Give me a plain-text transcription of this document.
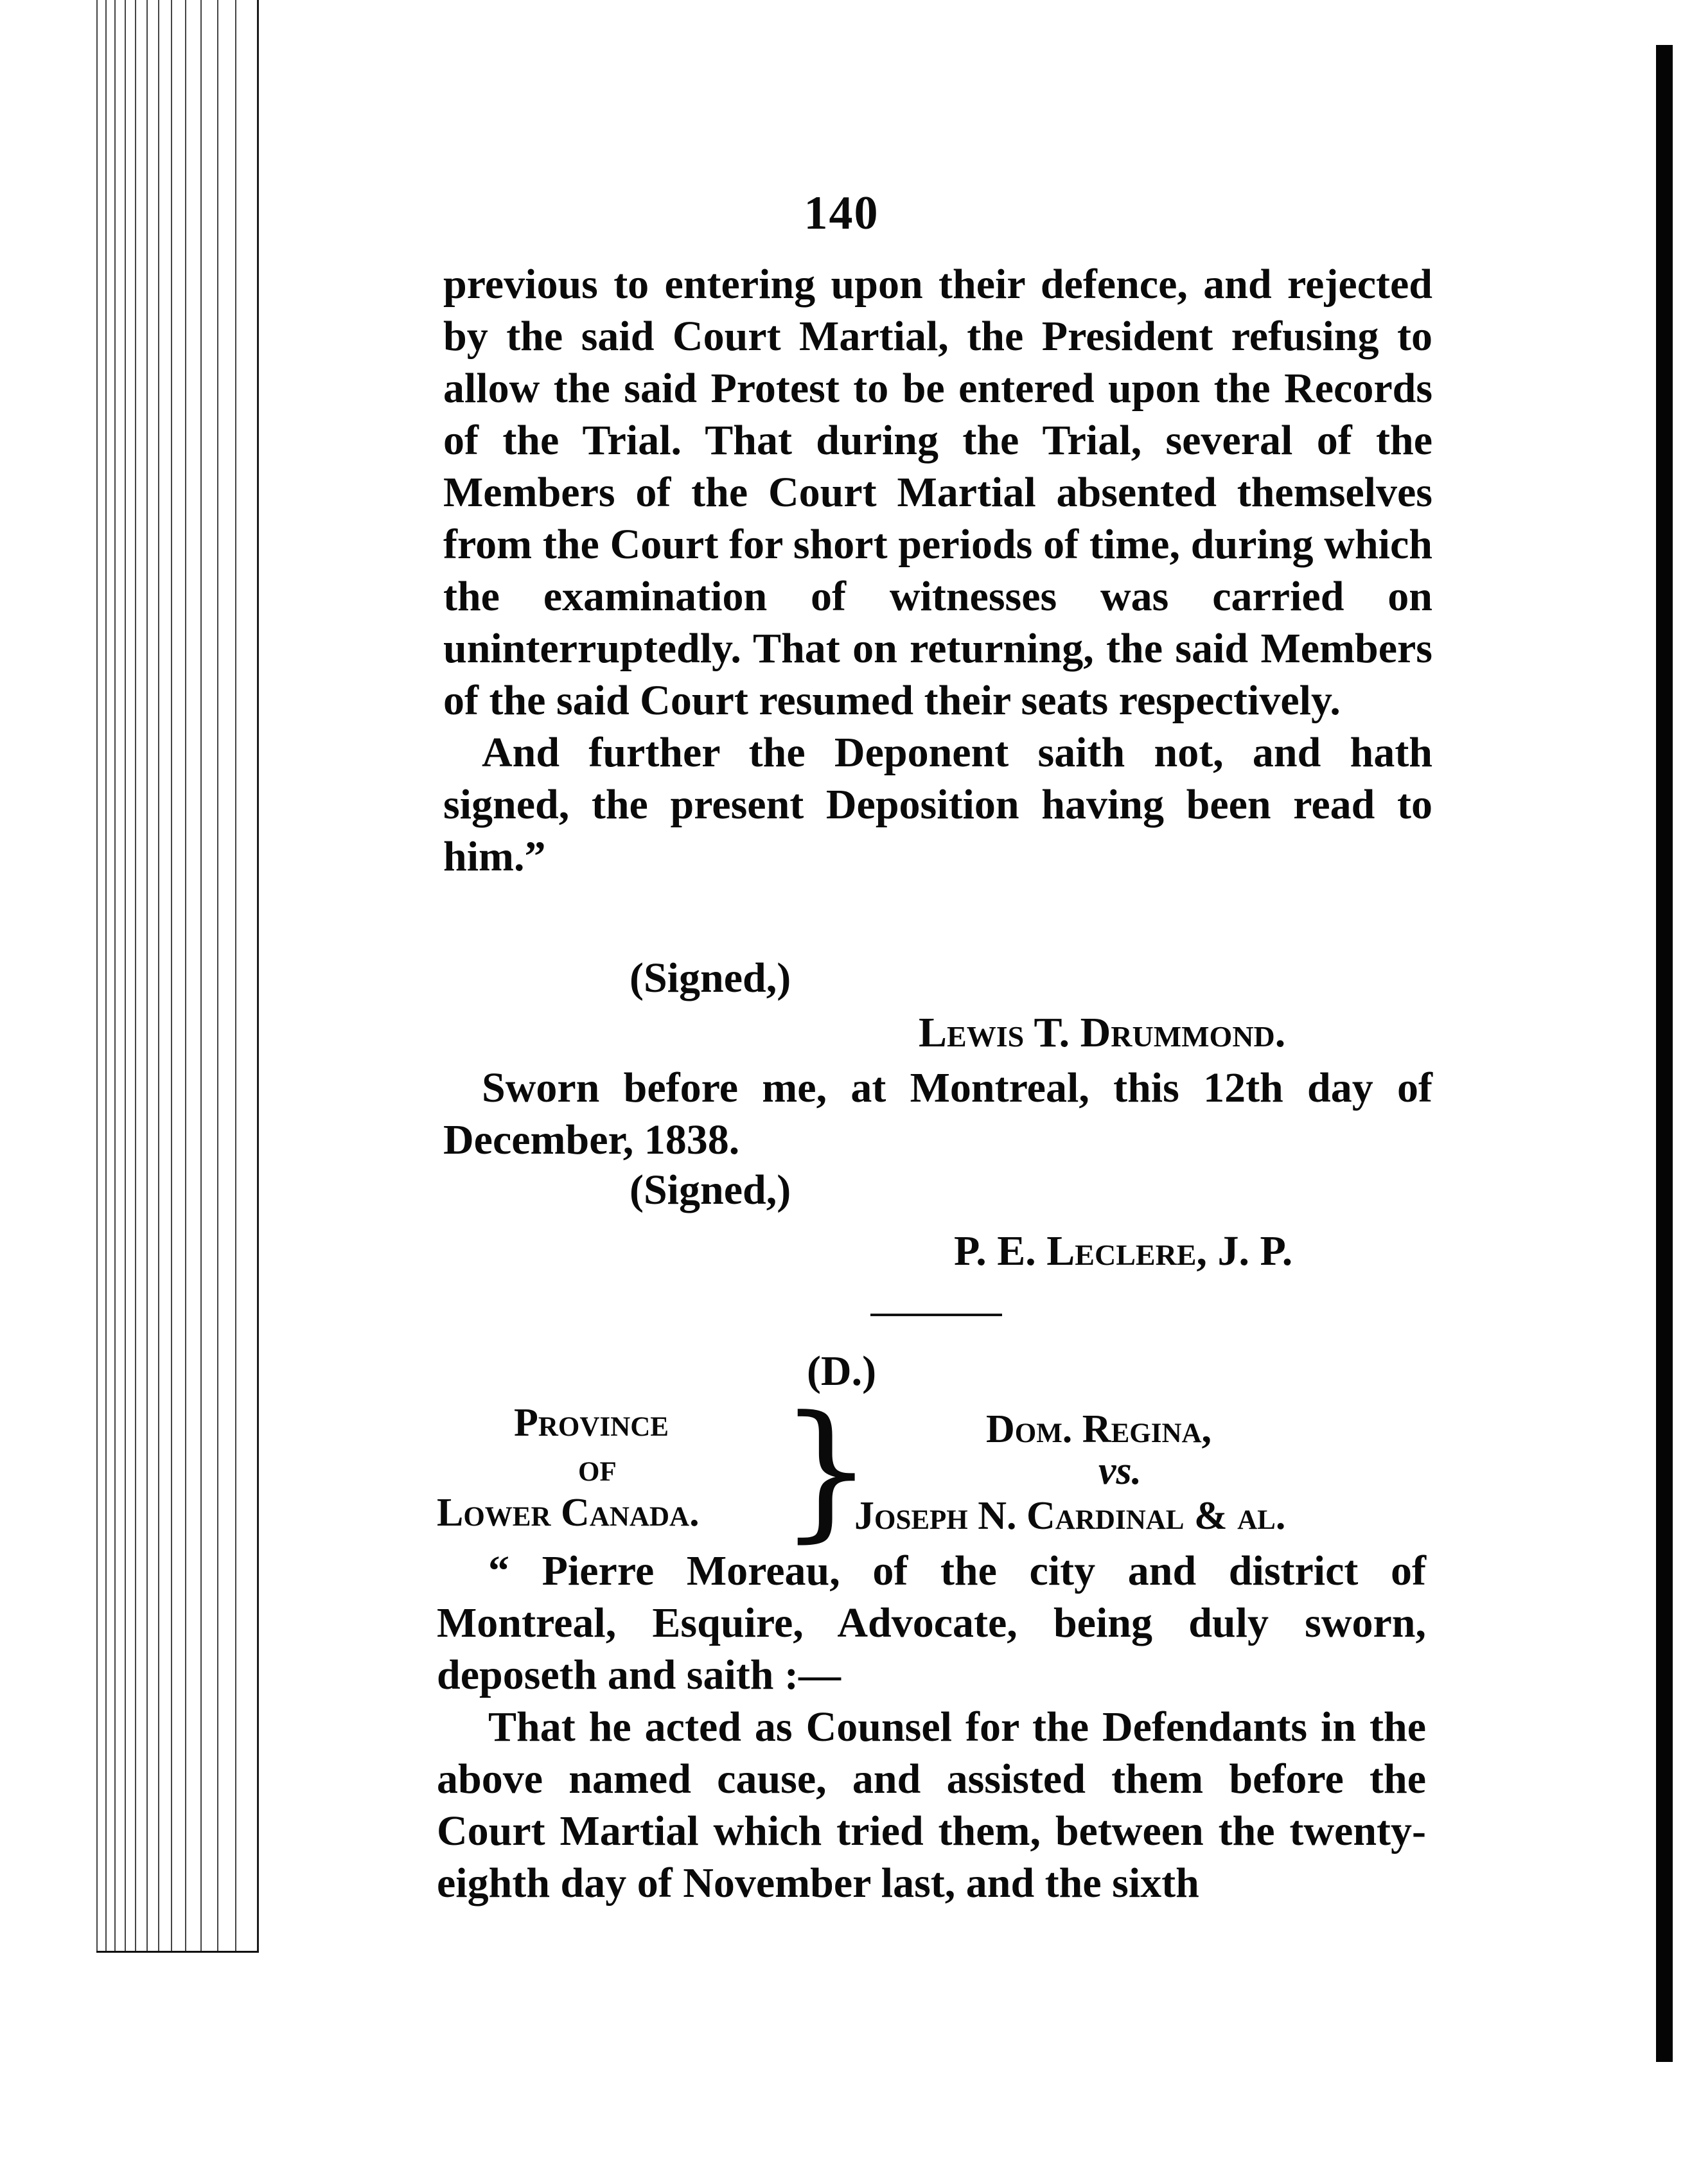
140

previous to entering upon their defence, and rejected by the said Court Martial, the President refusing to allow the said Protest to be entered upon the Records of the Trial. That during the Trial, several of the Members of the Court Martial absented themselves from the Court for short periods of time, during which the examination of witnesses was carried on uninterruptedly. That on returning, the said Members of the said Court resumed their seats respectively.

And further the Deponent saith not, and hath signed, the present Deposition having been read to him.”

(Signed,)
Lewis T. Drummond.

Sworn before me, at Montreal, this 12th day of December, 1838.

(Signed,)
P. E. Leclere, J. P.
(D.)
Province
of
Lower Canada. }	Dom. Regina,
vs.
Joseph N. Cardinal & al.

“ Pierre Moreau, of the city and district of Montreal, Esquire, Advocate, being duly sworn, deposeth and saith :—

That he acted as Counsel for the Defendants in the above named cause, and assisted them before the Court Martial which tried them, between the twenty-eighth day of November last, and the sixth
